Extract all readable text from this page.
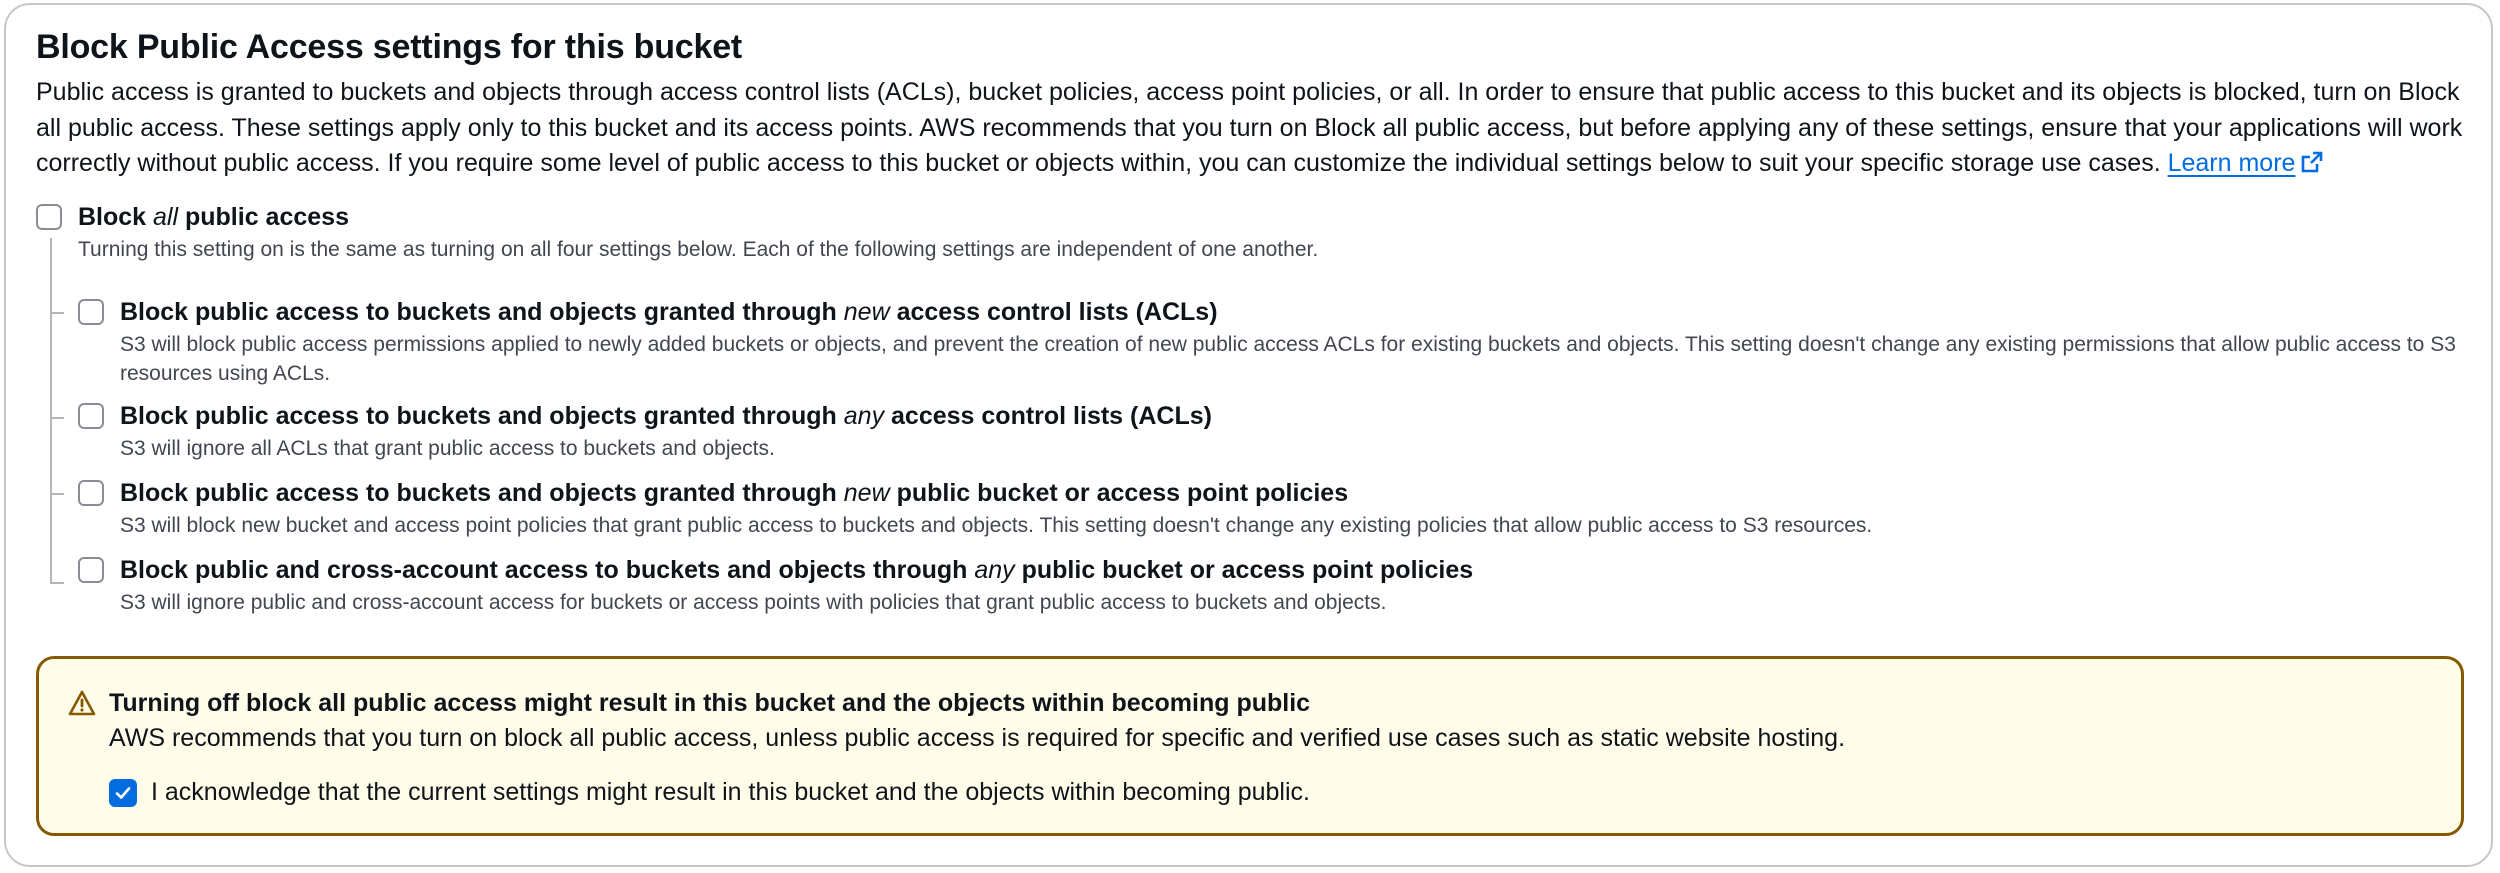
Block Public Access settings for this bucket
Public access is granted to buckets and objects through access control lists (ACLs), bucket policies, access point policies, or all. In order to ensure that public access to this bucket and its objects is blocked, turn on Block all public access. These settings apply only to this bucket and its access points. AWS recommends that you turn on Block all public access, but before applying any of these settings, ensure that your applications will work correctly without public access. If you require some level of public access to this bucket or objects within, you can customize the individual settings below to suit your specific storage use cases. Learn more
Block all public access
Turning this setting on is the same as turning on all four settings below. Each of the following settings are independent of one another.
Block public access to buckets and objects granted through new access control lists (ACLs)
S3 will block public access permissions applied to newly added buckets or objects, and prevent the creation of new public access ACLs for existing buckets and objects. This setting doesn't change any existing permissions that allow public access to S3 resources using ACLs.
Block public access to buckets and objects granted through any access control lists (ACLs)
S3 will ignore all ACLs that grant public access to buckets and objects.
Block public access to buckets and objects granted through new public bucket or access point policies
S3 will block new bucket and access point policies that grant public access to buckets and objects. This setting doesn't change any existing policies that allow public access to S3 resources.
Block public and cross-account access to buckets and objects through any public bucket or access point policies
S3 will ignore public and cross-account access for buckets or access points with policies that grant public access to buckets and objects.
Turning off block all public access might result in this bucket and the objects within becoming public
AWS recommends that you turn on block all public access, unless public access is required for specific and verified use cases such as static website hosting.
I acknowledge that the current settings might result in this bucket and the objects within becoming public.
